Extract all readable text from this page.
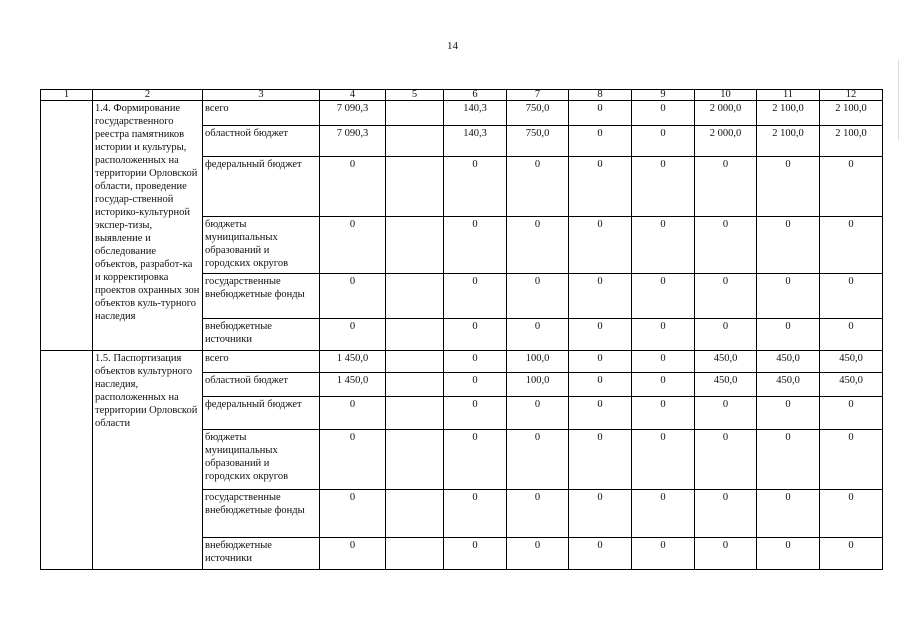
14
1	2	3	4	5	6	7	8	9	10	11	12
	1.4. Формирование государственного реестра памятников истории и культуры, расположенных на территории Орловской области, проведение государ-ственной историко-культурной экспер-тизы, выявление и обследование объектов, разработ-ка и корректировка проектов охранных зон объектов куль-турного наследия	всего	7 090,3		140,3	750,0	0	0	2 000,0	2 100,0	2 100,0
		областной бюджет	7 090,3		140,3	750,0	0	0	2 000,0	2 100,0	2 100,0
		федеральный бюджет	0		0	0	0	0	0	0	0
		бюджеты муниципальных образований и городских округов	0		0	0	0	0	0	0	0
		государственные внебюджетные фонды	0		0	0	0	0	0	0	0
		внебюджетные источники	0		0	0	0	0	0	0	0
	1.5. Паспортизация объектов культурного наследия, расположенных на территории Орловской области	всего	1 450,0		0	100,0	0	0	450,0	450,0	450,0
		областной бюджет	1 450,0		0	100,0	0	0	450,0	450,0	450,0
		федеральный бюджет	0		0	0	0	0	0	0	0
		бюджеты муниципальных образований и городских округов	0		0	0	0	0	0	0	0
		государственные внебюджетные фонды	0		0	0	0	0	0	0	0
		внебюджетные источники	0		0	0	0	0	0	0	0
